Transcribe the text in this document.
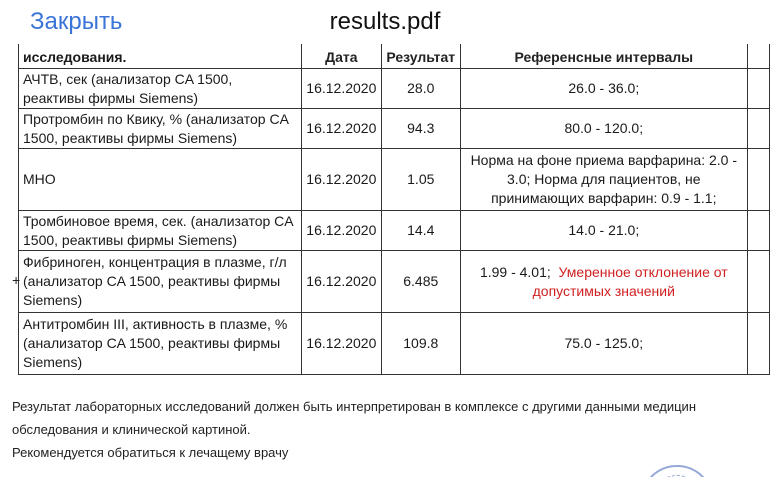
Закрыть	results.pdf
исследования.	Дата	Результат	Референсные интервалы	
АЧТВ, сек (анализатор CA 1500, реактивы фирмы Siemens)	16.12.2020	28.0	26.0 - 36.0;	
Протромбин по Квику, % (анализатор CA 1500, реактивы фирмы Siemens)	16.12.2020	94.3	80.0 - 120.0;	
МНО	16.12.2020	1.05	Норма на фоне приема варфарина: 2.0 - 3.0; Норма для пациентов, не принимающих варфарин: 0.9 - 1.1;	
Тромбиновое время, сек. (анализатор CA 1500, реактивы фирмы Siemens)	16.12.2020	14.4	14.0 - 21.0;	
Фибриноген, концентрация в плазме, г/л (анализатор CA 1500, реактивы фирмы Siemens)	16.12.2020	6.485	1.99 - 4.01; Умеренное отклонение от допустимых значений	
Антитромбин III, активность в плазме, % (анализатор CA 1500, реактивы фирмы Siemens)	16.12.2020	109.8	75.0 - 125.0;	
+
Результат лабораторных исследований должен быть интерпретирован в комплексе с другими данными медицин
обследования и клинической картиной.
Рекомендуется обратиться к лечащему врачу
